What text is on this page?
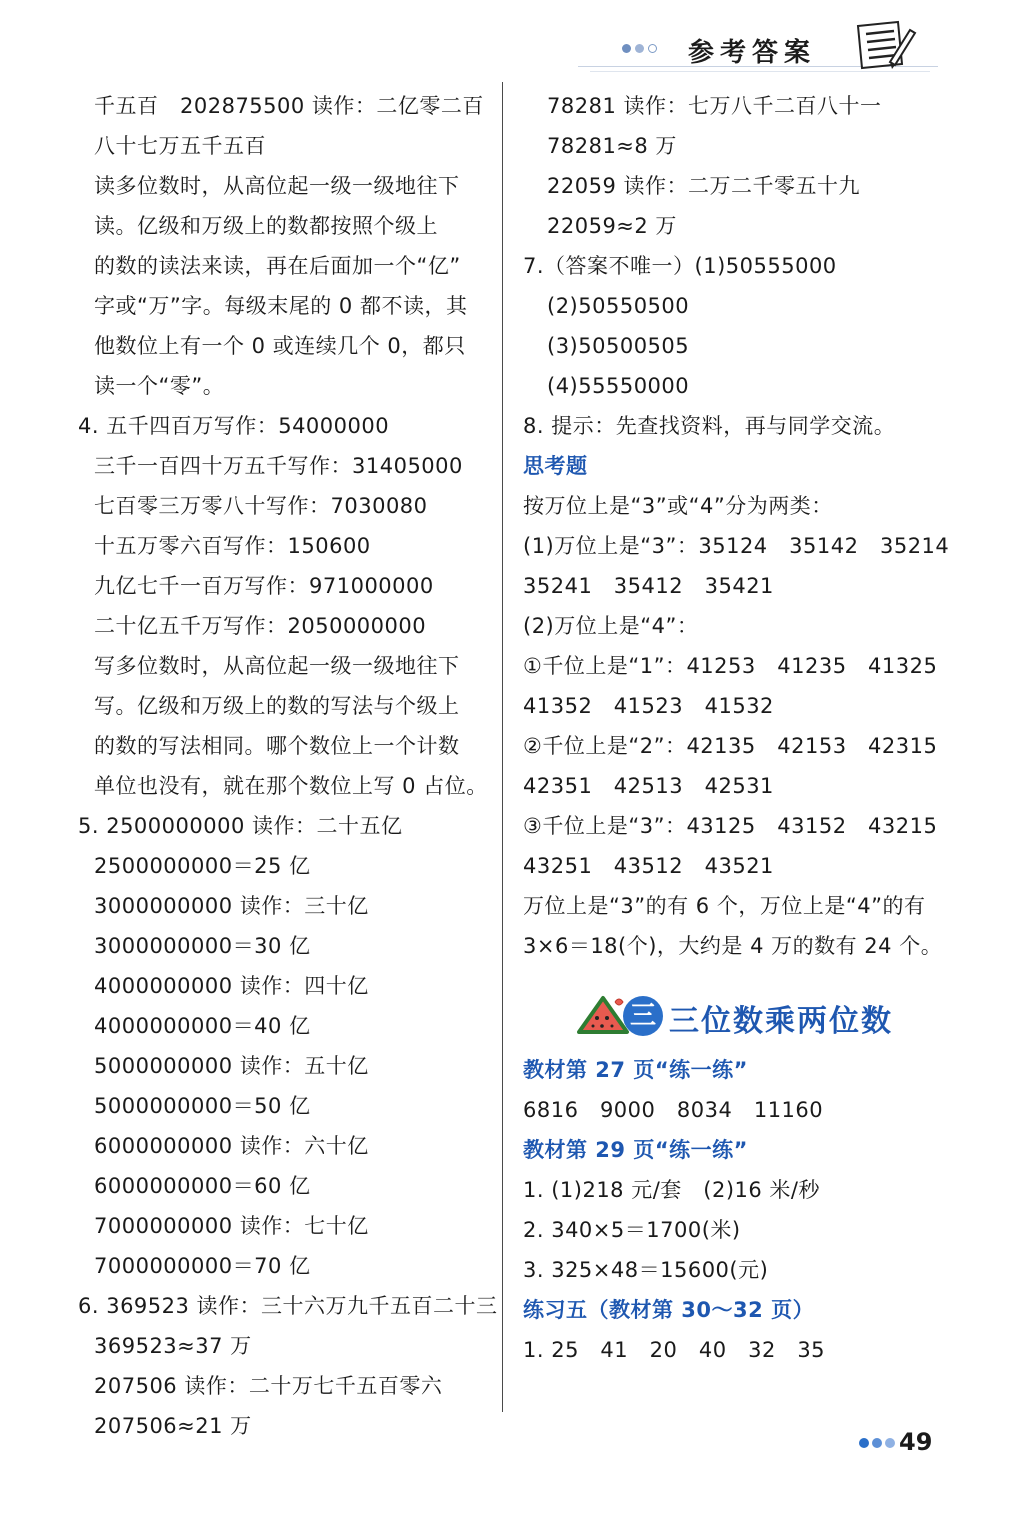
参考答案
千五百　202875500 读作：二亿零二百
八十七万五千五百
读多位数时，从高位起一级一级地往下
读。亿级和万级上的数都按照个级上
的数的读法来读，再在后面加一个“亿”
字或“万”字。每级末尾的 0 都不读，其
他数位上有一个 0 或连续几个 0，都只
读一个“零”。
4. 五千四百万写作：54000000
三千一百四十万五千写作：31405000
七百零三万零八十写作：7030080
十五万零六百写作：150600
九亿七千一百万写作：971000000
二十亿五千万写作：2050000000
写多位数时，从高位起一级一级地往下
写。亿级和万级上的数的写法与个级上
的数的写法相同。哪个数位上一个计数
单位也没有，就在那个数位上写 0 占位。
5. 2500000000 读作：二十五亿
2500000000＝25 亿
3000000000 读作：三十亿
3000000000＝30 亿
4000000000 读作：四十亿
4000000000＝40 亿
5000000000 读作：五十亿
5000000000＝50 亿
6000000000 读作：六十亿
6000000000＝60 亿
7000000000 读作：七十亿
7000000000＝70 亿
6. 369523 读作：三十六万九千五百二十三
369523≈37 万
207506 读作：二十万七千五百零六
207506≈21 万
78281 读作：七万八千二百八十一
78281≈8 万
22059 读作：二万二千零五十九
22059≈2 万
7.（答案不唯一）(1)50555000
(2)50550500
(3)50500505
(4)55550000
8. 提示：先查找资料，再与同学交流。
思考题
按万位上是“3”或“4”分为两类：
(1)万位上是“3”：35124　35142　35214
35241　35412　35421
(2)万位上是“4”：
①千位上是“1”：41253　41235　41325
41352　41523　41532
②千位上是“2”：42135　42153　42315
42351　42513　42531
③千位上是“3”：43125　43152　43215
43251　43512　43521
万位上是“3”的有 6 个，万位上是“4”的有
3×6＝18(个)，大约是 4 万的数有 24 个。
三 三位数乘两位数
教材第 27 页“练一练”
6816　9000　8034　11160
教材第 29 页“练一练”
1. (1)218 元/套　(2)16 米/秒
2. 340×5＝1700(米)
3. 325×48＝15600(元)
练习五（教材第 30～32 页）
1. 25　41　20　40　32　35
49
